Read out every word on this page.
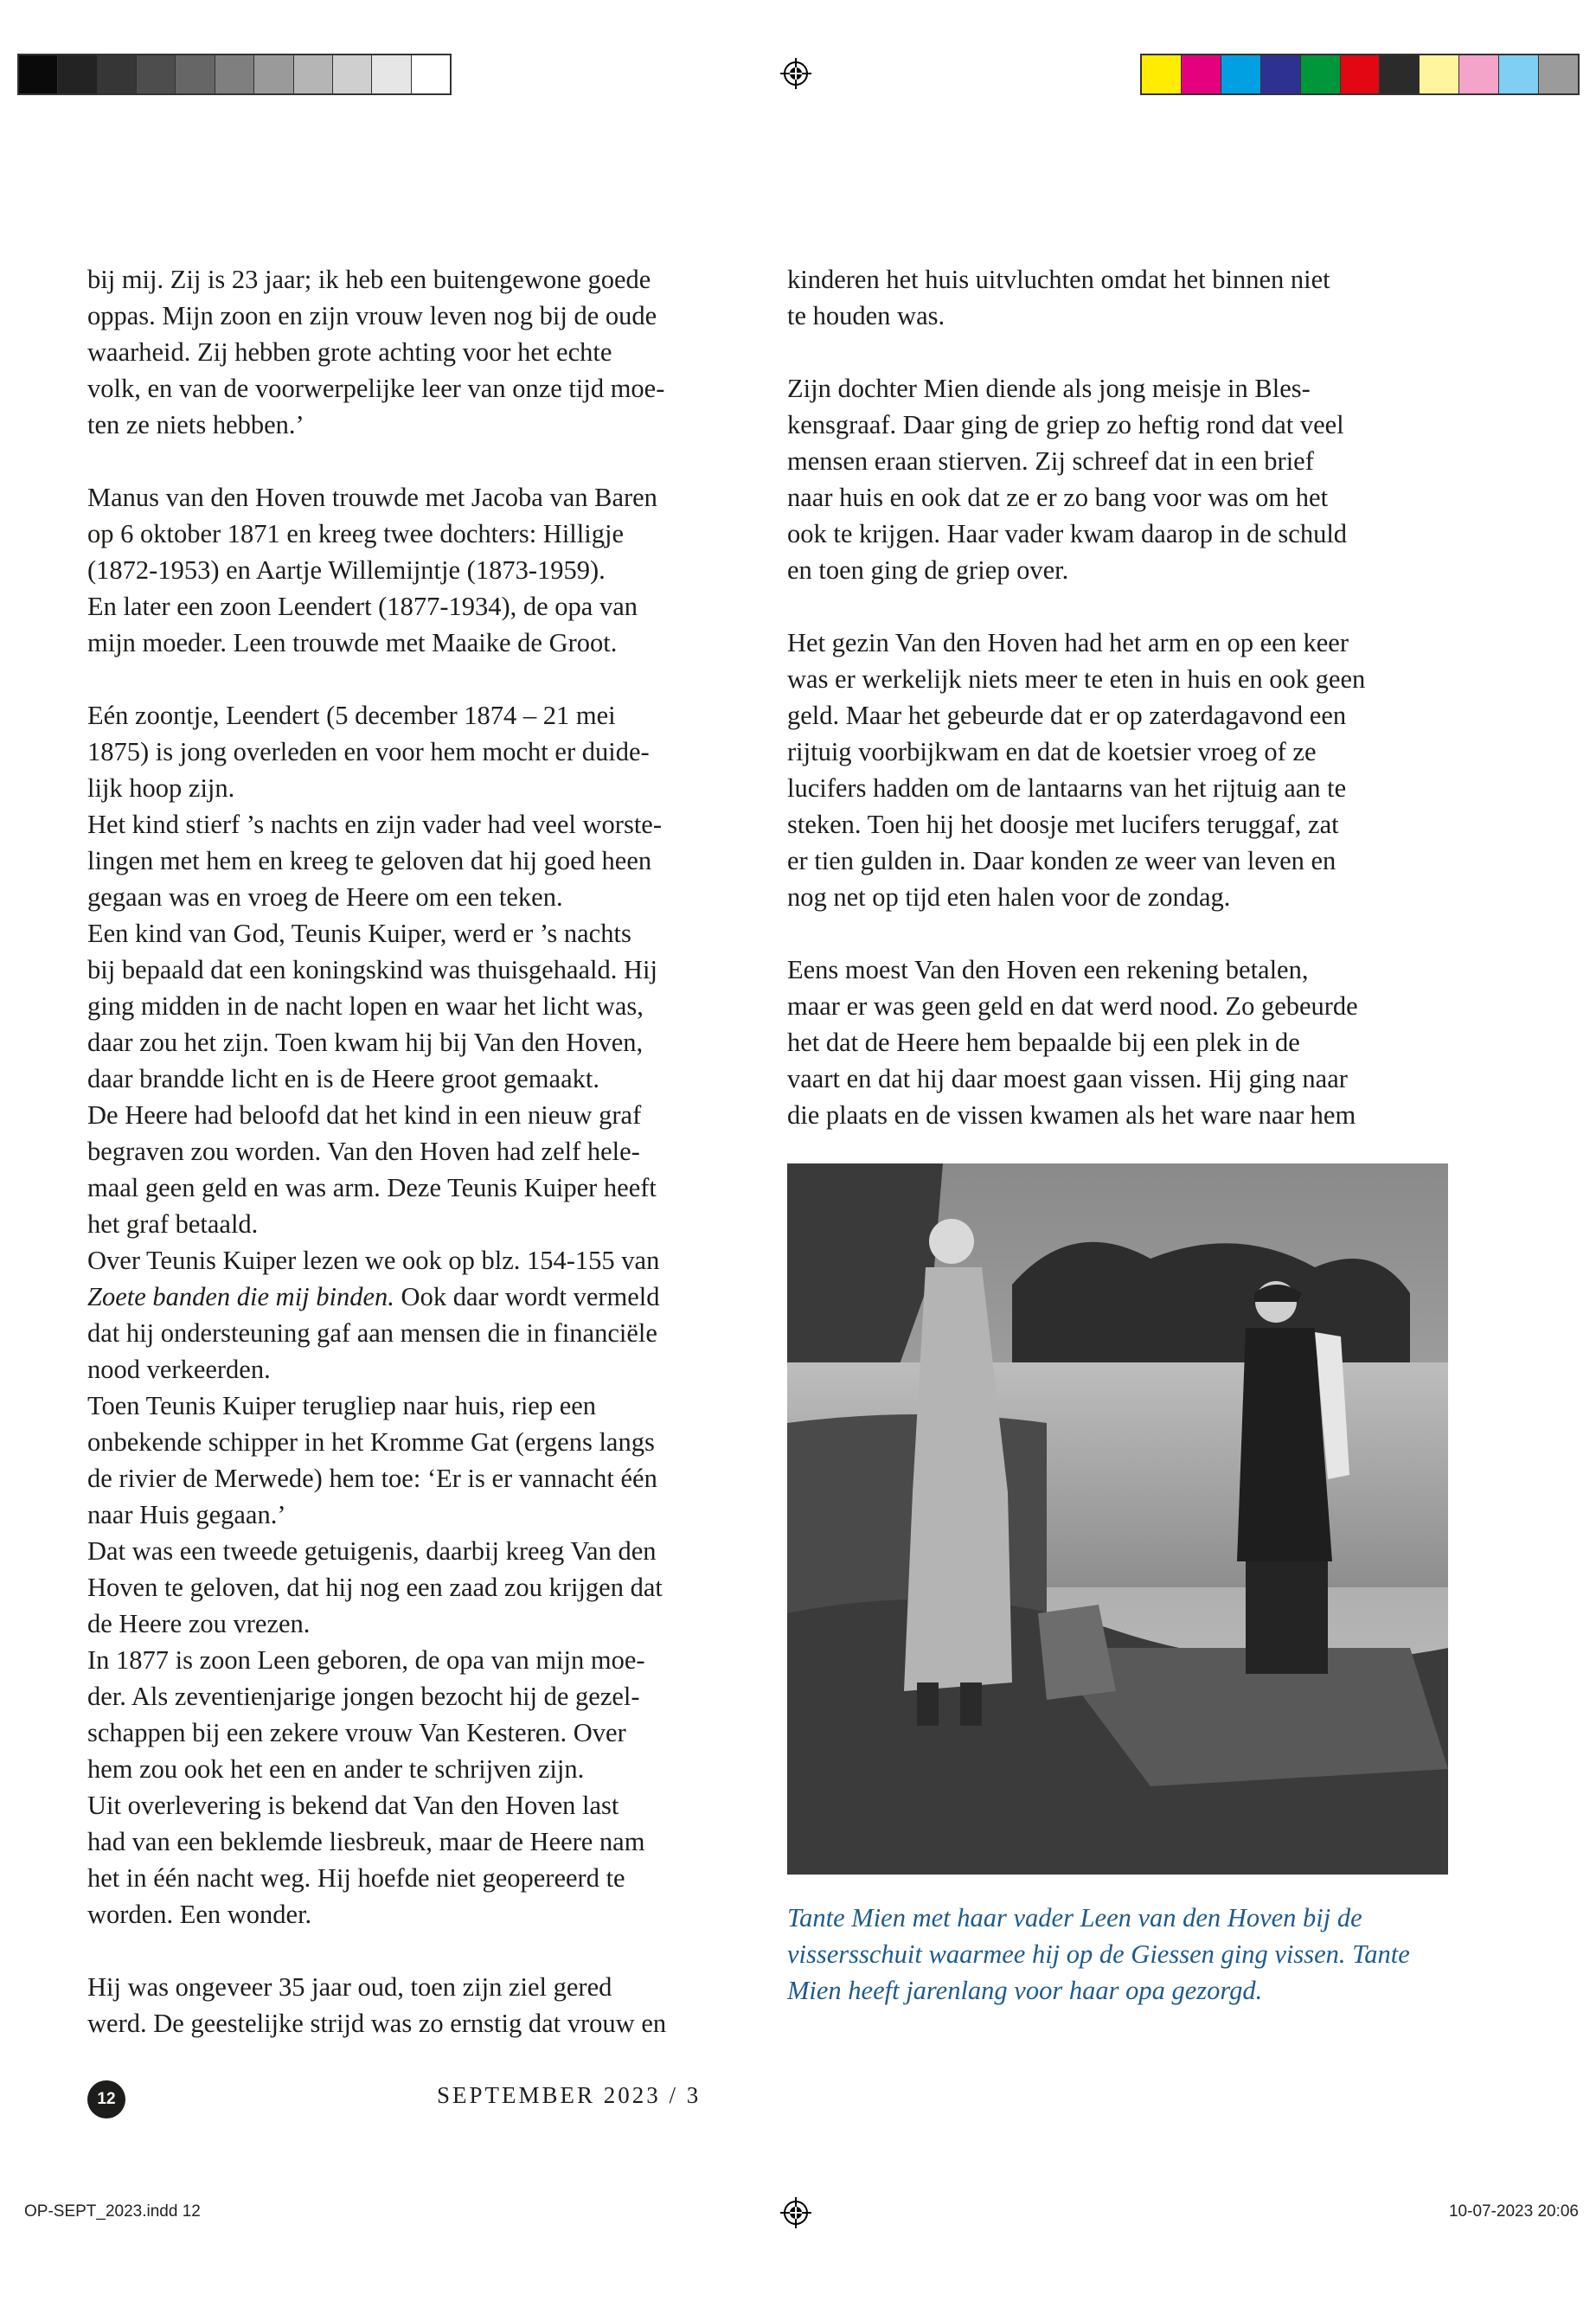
bij mij. Zij is 23 jaar; ik heb een buitengewone goede
oppas. Mijn zoon en zijn vrouw leven nog bij de oude
waarheid. Zij hebben grote achting voor het echte
volk, en van de voorwerpelijke leer van onze tijd moe-
ten ze niets hebben.’

Manus van den Hoven trouwde met Jacoba van Baren
op 6 oktober 1871 en kreeg twee dochters: Hilligje
(1872-1953) en Aartje Willemijntje (1873-1959).
En later een zoon Leendert (1877-1934), de opa van
mijn moeder. Leen trouwde met Maaike de Groot.

Eén zoontje, Leendert (5 december 1874 – 21 mei
1875) is jong overleden en voor hem mocht er duide-
lijk hoop zijn.
Het kind stierf ’s nachts en zijn vader had veel worste-
lingen met hem en kreeg te geloven dat hij goed heen
gegaan was en vroeg de Heere om een teken.
Een kind van God, Teunis Kuiper, werd er ’s nachts
bij bepaald dat een koningskind was thuisgehaald. Hij
ging midden in de nacht lopen en waar het licht was,
daar zou het zijn. Toen kwam hij bij Van den Hoven,
daar brandde licht en is de Heere groot gemaakt.
De Heere had beloofd dat het kind in een nieuw graf
begraven zou worden. Van den Hoven had zelf hele-
maal geen geld en was arm. Deze Teunis Kuiper heeft
het graf betaald.
Over Teunis Kuiper lezen we ook op blz. 154-155 van

Zoete banden die mij binden. Ook daar wordt vermeld

dat hij ondersteuning gaf aan mensen die in financiële
nood verkeerden.
Toen Teunis Kuiper terugliep naar huis, riep een
onbekende schipper in het Kromme Gat (ergens langs
de rivier de Merwede) hem toe: ‘Er is er vannacht één
naar Huis gegaan.’
Dat was een tweede getuigenis, daarbij kreeg Van den
Hoven te geloven, dat hij nog een zaad zou krijgen dat
de Heere zou vrezen.
In 1877 is zoon Leen geboren, de opa van mijn moe-
der. Als zeventienjarige jongen bezocht hij de gezel-
schappen bij een zekere vrouw Van Kesteren. Over
hem zou ook het een en ander te schrijven zijn.
Uit overlevering is bekend dat Van den Hoven last
had van een beklemde liesbreuk, maar de Heere nam
het in één nacht weg. Hij hoefde niet geopereerd te
worden. Een wonder.

Hij was ongeveer 35 jaar oud, toen zijn ziel gered
werd. De geestelijke strijd was zo ernstig dat vrouw en

kinderen het huis uitvluchten omdat het binnen niet
te houden was.

Zijn dochter Mien diende als jong meisje in Bles-
kensgraaf. Daar ging de griep zo heftig rond dat veel
mensen eraan stierven. Zij schreef dat in een brief
naar huis en ook dat ze er zo bang voor was om het
ook te krijgen. Haar vader kwam daarop in de schuld
en toen ging de griep over.

Het gezin Van den Hoven had het arm en op een keer
was er werkelijk niets meer te eten in huis en ook geen
geld. Maar het gebeurde dat er op zaterdagavond een
rijtuig voorbijkwam en dat de koetsier vroeg of ze
lucifers hadden om de lantaarns van het rijtuig aan te
steken. Toen hij het doosje met lucifers teruggaf, zat
er tien gulden in. Daar konden ze weer van leven en
nog net op tijd eten halen voor de zondag.

Eens moest Van den Hoven een rekening betalen,
maar er was geen geld en dat werd nood. Zo gebeurde
het dat de Heere hem bepaalde bij een plek in de
vaart en dat hij daar moest gaan vissen. Hij ging naar
die plaats en de vissen kwamen als het ware naar hem

Tante Mien met haar vader Leen van den Hoven bij de
vissersschuit waarmee hij op de Giessen ging vissen. Tante
Mien heeft jarenlang voor haar opa gezorgd.
12	SEPTEMBER 2023 / 3
OP-SEPT_2023.indd 12	10-07-2023 20:06
